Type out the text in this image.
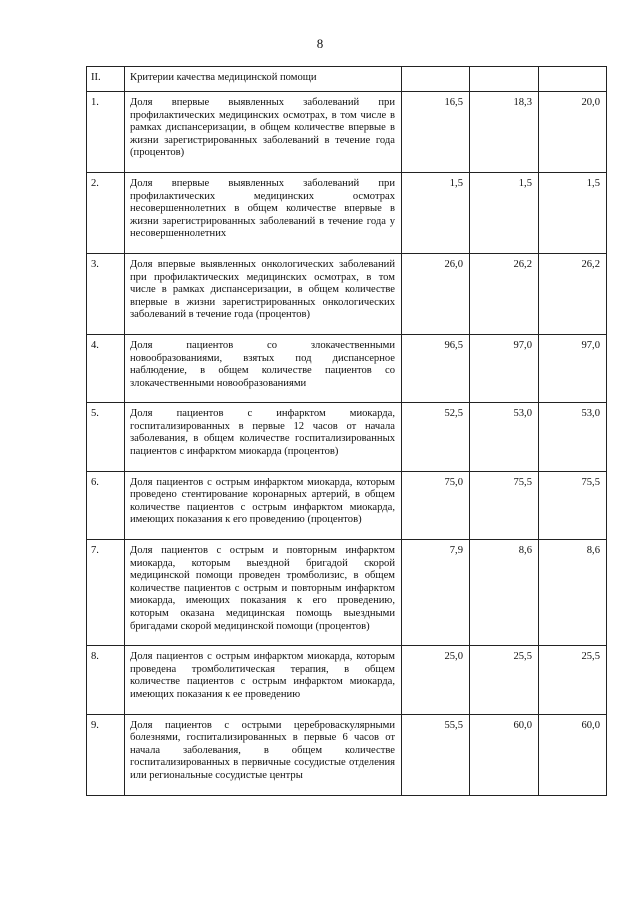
8
II.	Критерии качества медицинской помощи			
1.	Доля впервые выявленных заболеваний при профилактических медицинских осмотрах, в том числе в рамках диспансеризации, в общем количестве впервые в жизни зарегистрированных заболеваний в течение года (процентов)	16,5	18,3	20,0
2.	Доля впервые выявленных заболеваний при профилактических медицинских осмотрах несовершеннолетних в общем количестве впервые в жизни зарегистрированных заболеваний в течение года у несовершеннолетних	1,5	1,5	1,5
3.	Доля впервые выявленных онкологических заболеваний при профилактических медицинских осмотрах, в том числе в рамках диспансеризации, в общем количестве впервые в жизни зарегистрированных онкологических заболеваний в течение года (процентов)	26,0	26,2	26,2
4.	Доля пациентов со злокачественными новообразованиями, взятых под диспансерное наблюдение, в общем количестве пациентов со злокачественными новообразованиями	96,5	97,0	97,0
5.	Доля пациентов с инфарктом миокарда, госпитализированных в первые 12 часов от начала заболевания, в общем количестве госпитализированных пациентов с инфарктом миокарда (процентов)	52,5	53,0	53,0
6.	Доля пациентов с острым инфарктом миокарда, которым проведено стентирование коронарных артерий, в общем количестве пациентов с острым инфарктом миокарда, имеющих показания к его проведению (процентов)	75,0	75,5	75,5
7.	Доля пациентов с острым и повторным инфарктом миокарда, которым выездной бригадой скорой медицинской помощи проведен тромболизис, в общем количестве пациентов с острым и повторным инфарктом миокарда, имеющих показания к его проведению, которым оказана медицинская помощь выездными бригадами скорой медицинской помощи (процентов)	7,9	8,6	8,6
8.	Доля пациентов с острым инфарктом миокарда, которым проведена тромболитическая терапия, в общем количестве пациентов с острым инфарктом миокарда, имеющих показания к ее проведению	25,0	25,5	25,5
9.	Доля пациентов с острыми цереброваскулярными болезнями, госпитализированных в первые 6 часов от начала заболевания, в общем количестве госпитализированных в первичные сосудистые отделения или региональные сосудистые центры	55,5	60,0	60,0
